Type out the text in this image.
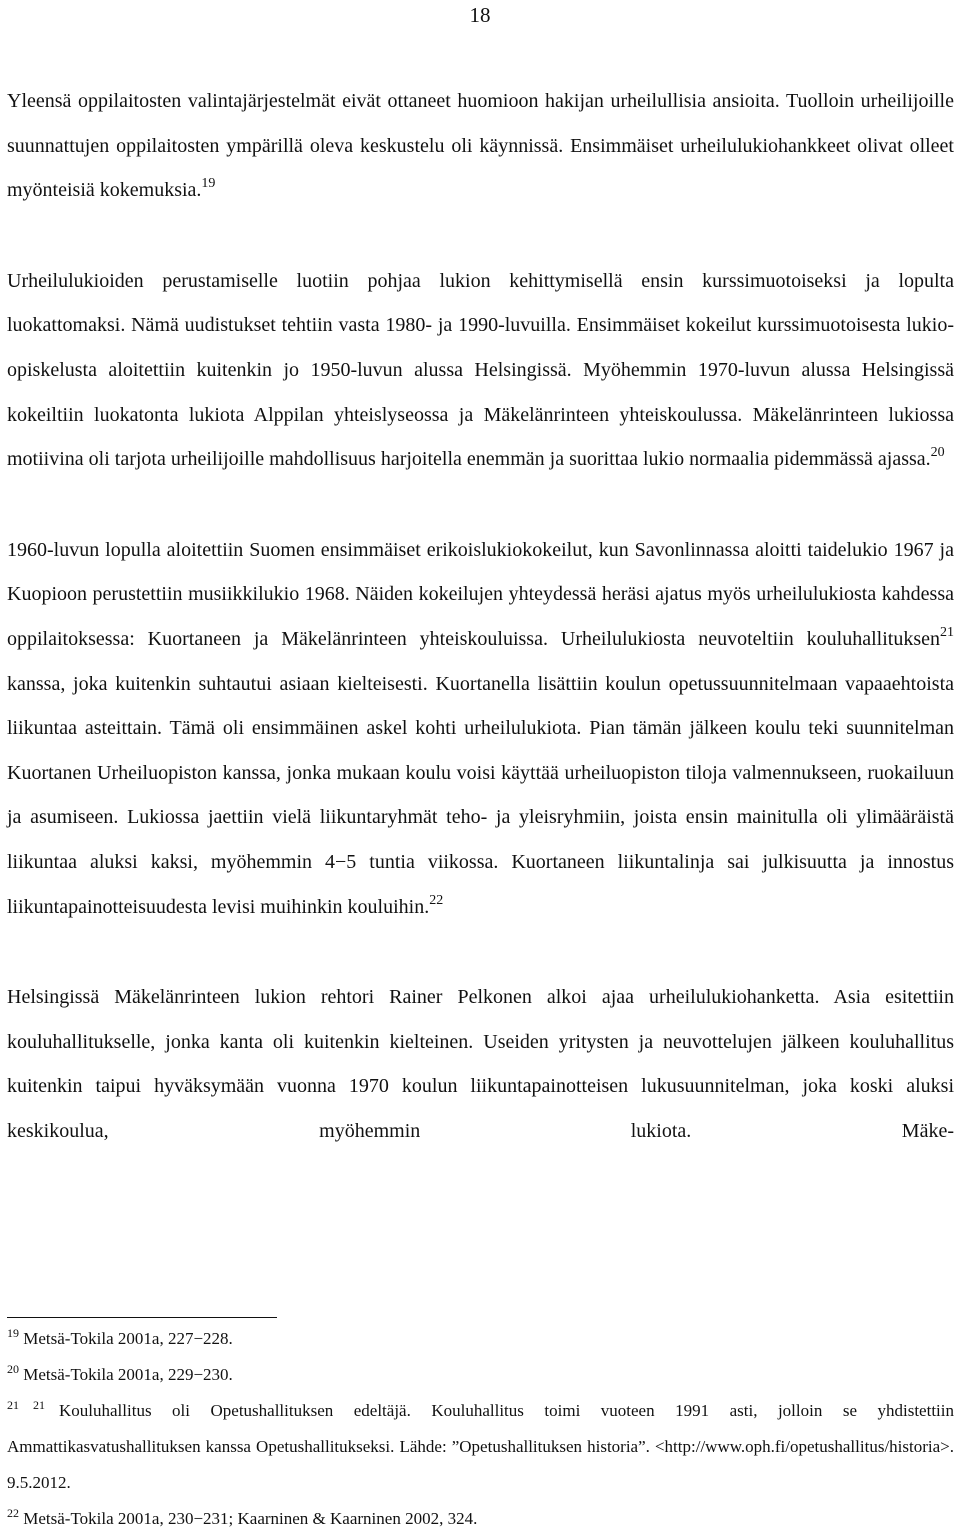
18

Yleensä oppilaitosten valintajärjestelmät eivät ottaneet huomioon hakijan urheilullisia ansioita. Tuolloin urheilijoille suunnattujen oppilaitosten ympärillä oleva keskustelu oli käynnissä. Ensimmäiset urheilulukiohankkeet olivat olleet myönteisiä kokemuksia.$^{19}$

Urheilulukioiden perustamiselle luotiin pohjaa lukion kehittymisellä ensin kurssimuotoiseksi ja lopulta luokattomaksi. Nämä uudistukset tehtiin vasta 1980- ja 1990-luvuilla. Ensimmäiset kokeilut kurssimuotoisesta lukio-opiskelusta aloitettiin kuitenkin jo 1950-luvun alussa Helsingissä. Myöhemmin 1970-luvun alussa Helsingissä kokeiltiin luokatonta lukiota Alppilan yhteislyseossa ja Mäkelänrinteen yhteiskoulussa. Mäkelänrinteen lukiossa motiivina oli tarjota urheilijoille mahdollisuus harjoitella enemmän ja suorittaa lukio normaalia pidemmässä ajassa.$^{20}$

1960-luvun lopulla aloitettiin Suomen ensimmäiset erikoislukiokokeilut, kun Savonlinnassa aloitti taidelukio 1967 ja Kuopioon perustettiin musiikkilukio 1968. Näiden kokeilujen yhteydessä heräsi ajatus myös urheilulukiosta kahdessa oppilaitoksessa: Kuortaneen ja Mäkelänrinteen yhteiskouluissa. Urheilulukiosta neuvoteltiin kouluhallituksen$^{21}$ kanssa, joka kuitenkin suhtautui asiaan kielteisesti. Kuortanella lisättiin koulun opetussuunnitelmaan vapaaehtoista liikuntaa asteittain. Tämä oli ensimmäinen askel kohti urheilulukiota. Pian tämän jälkeen koulu teki suunnitelman Kuortanen Urheiluopiston kanssa, jonka mukaan koulu voisi käyttää urheiluopiston tiloja valmennukseen, ruokailuun ja asumiseen. Lukiossa jaettiin vielä liikuntaryhmät teho- ja yleisryhmiin, joista ensin mainitulla oli ylimääräistä liikuntaa aluksi kaksi, myöhemmin 4−5 tuntia viikossa. Kuortaneen liikuntalinja sai julkisuutta ja innostus liikuntapainotteisuudesta levisi muihinkin kouluihin.$^{22}$

Helsingissä Mäkelänrinteen lukion rehtori Rainer Pelkonen alkoi ajaa urheilulukiohanketta. Asia esitettiin kouluhallitukselle, jonka kanta oli kuitenkin kielteinen. Useiden yritysten ja neuvottelujen jälkeen kouluhallitus kuitenkin taipui hyväksymään vuonna 1970 koulun liikuntapainotteisen lukusuunnitelman, joka koski aluksi keskikoulua, myöhemmin lukiota. Mäke-

$^{19}$ Metsä-Tokila 2001a, 227−228.

$^{20}$ Metsä-Tokila 2001a, 229−230.

$^{21}$ $^{21}$ Kouluhallitus oli Opetushallituksen edeltäjä. Kouluhallitus toimi vuoteen 1991 asti, jolloin se yhdistettiin Ammattikasvatushallituksen kanssa Opetushallitukseksi. Lähde: ”Opetushallituksen historia”. <http://www.oph.fi/opetushallitus/historia>. 9.5.2012.

$^{22}$ Metsä-Tokila 2001a, 230−231; Kaarninen & Kaarninen 2002, 324.
